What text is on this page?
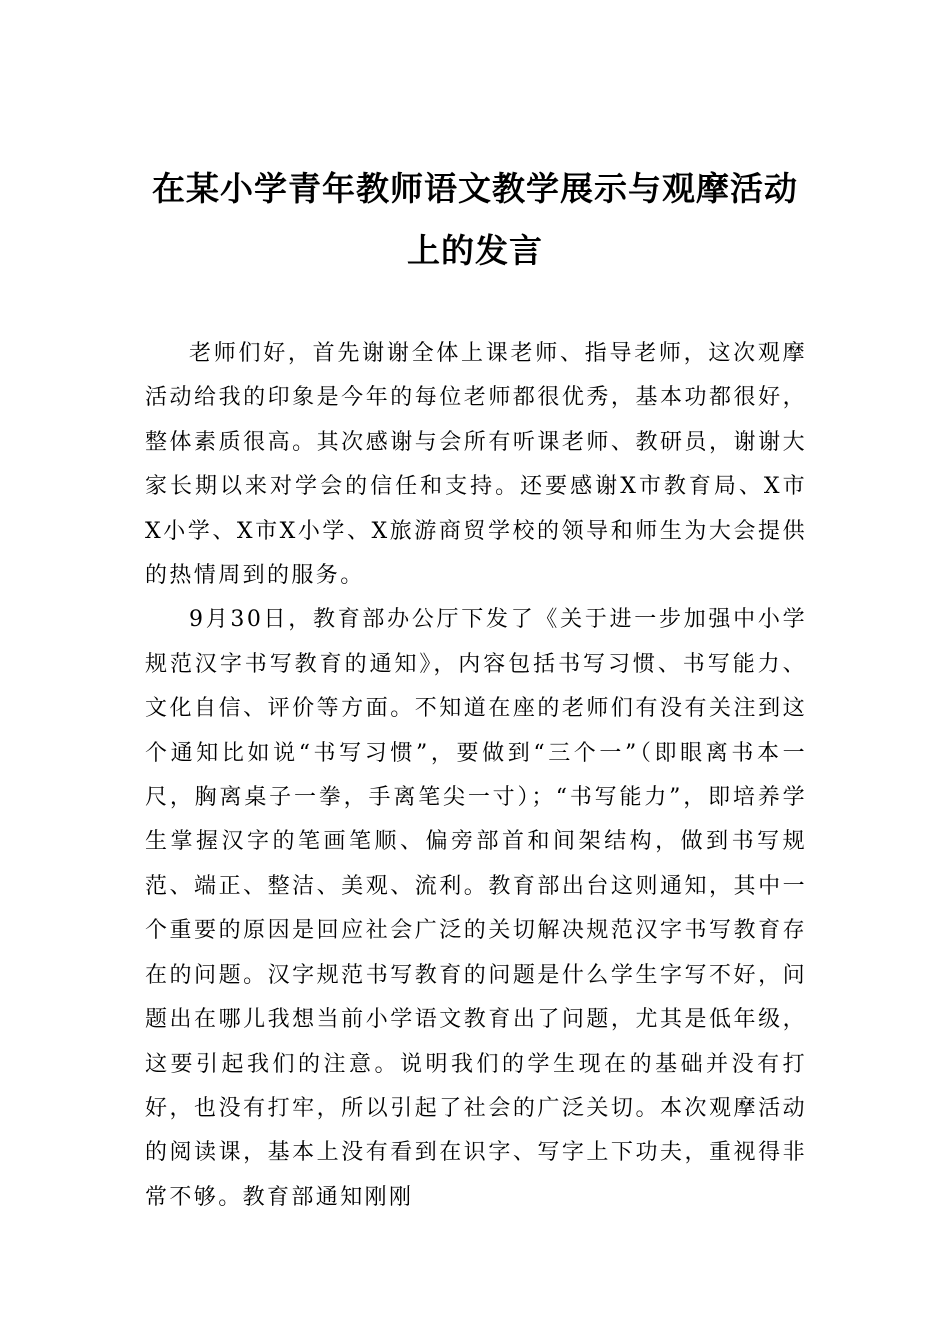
在某小学青年教师语文教学展示与观摩活动上的发言

老师们好，首先谢谢全体上课老师、指导老师，这次观摩活动给我的印象是今年的每位老师都很优秀，基本功都很好，整体素质很高。其次感谢与会所有听课老师、教研员，谢谢大家长期以来对学会的信任和支持。还要感谢X市教育局、X市X小学、X市X小学、X旅游商贸学校的领导和师生为大会提供的热情周到的服务。

9月30日，教育部办公厅下发了《关于进一步加强中小学规范汉字书写教育的通知》，内容包括书写习惯、书写能力、文化自信、评价等方面。不知道在座的老师们有没有关注到这个通知比如说“书写习惯”，要做到“三个一”（即眼离书本一尺，胸离桌子一拳，手离笔尖一寸）；“书写能力”，即培养学生掌握汉字的笔画笔顺、偏旁部首和间架结构，做到书写规范、端正、整洁、美观、流利。教育部出台这则通知，其中一个重要的原因是回应社会广泛的关切解决规范汉字书写教育存在的问题。汉字规范书写教育的问题是什么学生字写不好，问题出在哪儿我想当前小学语文教育出了问题，尤其是低年级，这要引起我们的注意。说明我们的学生现在的基础并没有打好，也没有打牢，所以引起了社会的广泛关切。本次观摩活动的阅读课，基本上没有看到在识字、写字上下功夫，重视得非常不够。教育部通知刚刚
